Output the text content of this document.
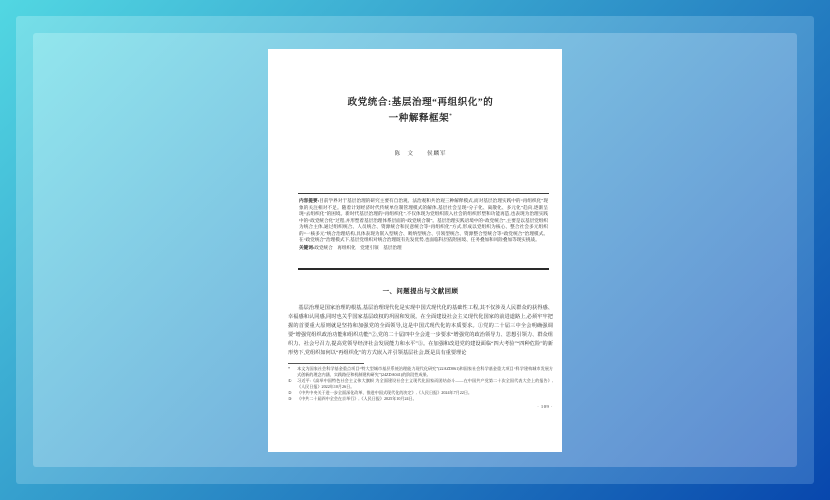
政党统合:基层治理“再组织化”的
一种解释框架*
陈　文　　侯麟军

内容提要:目前学界对于基层治理的研究主要有自治观、法治观和共治观三种解释模式,而对基层治理实践中的“再组织化”现象的关注相对不足。随着计划经济时代传统单位制管理模式的解体,基层社会呈现“分子化、离散化、多元化”趋向,逐渐呈现“去组织化”的困境。新时代基层治理的“再组织化”,不仅体现为党组织嵌入社会的组织形塑和功能再造,也表现为治理实践中的“政党统合化”过程,并形塑着基层治理体系层面的“政党统合制”。基层治理实践语境中的“政党统合”,主要是以基层党组织为统合主体,通过组织统合、人员统合、资源统合和民意统合等“再组织化”方式,形成以党组织为核心、整合社会多元组织的“一核多元”统合治理结构,具体表现为嵌入型统合、吸纳型统合、引领型统合、资源整合型统合等“政党统合”治理模式。在“政党统合”治理模式下,基层党组织对统合治理既有先发优势,也面临科层依附困境、任务叠加和风险叠加等现实挑战。

关键词:政党统合　再组织化　党建引领　基层治理

一、问题提出与文献回顾

基层治理是国家治理的根基,基层治理现代化是实现中国式现代化的基础性工程,其不仅涉及人民群众的获得感、幸福感和认同感,同时也关乎国家基层政权的巩固和发展。在全面建设社会主义现代化国家的前进道路上,必须牢牢把握的首要重大原则就是坚持和加强党的全面领导,这是中国式现代化的本质要求。①党的二十届三中全会明确强调要“增强党组织政治功能和组织功能”②,党的二十届四中全会进一步要求“增强党的政治领导力、思想引领力、群众组织力、社会号召力,提高党领导经济社会发展能力和水平”③。在加强和改进党的建设面临“四大考验”“四种危险”的新形势下,党组织如何以“再组织化”的方式嵌入并引领基层社会,既是具有重要理论

* 本文为国家社会科学基金重点项目“特大型城市基层系统治理能力现代化研究”(22AZD061)和国家社会科学基金重大项目“科学建构城市发展方式创新的理念内涵、实践路径和机制建构研究”(24ZDA041)的阶段性成果。
① 习近平:《高举中国特色社会主义伟大旗帜 为全面建设社会主义现代化国家而团结奋斗——在中国共产党第二十次全国代表大会上的报告》,《人民日报》2022年10月26日。
② 《中共中央关于进一步全面深化改革、推进中国式现代化的决定》,《人民日报》2024年7月22日。
③ 《中共二十届四中全会在京举行》,《人民日报》2025年10月24日。
· 109 ·
